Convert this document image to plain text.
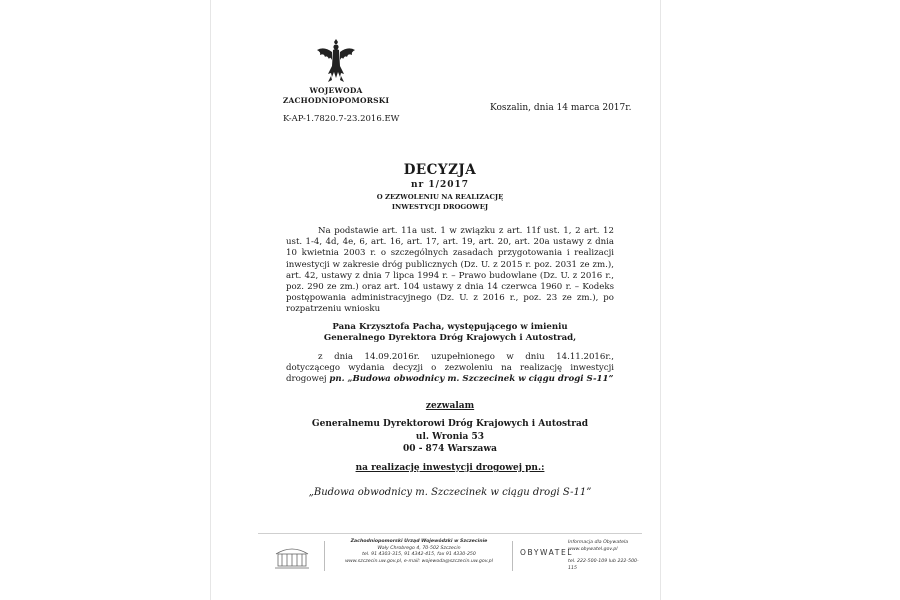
WOJEWODA
ZACHODNIOPOMORSKI
Koszalin, dnia 14 marca 2017r.
K-AP-1.7820.7-23.2016.EW
DECYZJA
nr 1/2017
O ZEZWOLENIU NA REALIZACJĘ
INWESTYCJI DROGOWEJ
Na podstawie art. 11a ust. 1 w związku z art. 11f ust. 1, 2 art. 12 ust. 1-4, 4d, 4e, 6, art. 16, art. 17, art. 19, art. 20, art. 20a ustawy z dnia 10 kwietnia 2003 r. o szczególnych zasadach przygotowania i realizacji inwestycji w zakresie dróg publicznych (Dz. U. z 2015 r. poz. 2031 ze zm.), art. 42, ustawy z dnia 7 lipca 1994 r. – Prawo budowlane (Dz. U. z 2016 r., poz. 290 ze zm.) oraz art. 104 ustawy z dnia 14 czerwca 1960 r. – Kodeks postępowania administracyjnego (Dz. U. z 2016 r., poz. 23 ze zm.), po rozpatrzeniu wniosku
Pana Krzysztofa Pacha, występującego w imieniu
Generalnego Dyrektora Dróg Krajowych i Autostrad,
z dnia 14.09.2016r. uzupełnionego w dniu 14.11.2016r., dotyczącego wydania decyzji o zezwoleniu na realizację inwestycji drogowej pn. „Budowa obwodnicy m. Szczecinek w ciągu drogi S-11”
zezwalam
Generalnemu Dyrektorowi Dróg Krajowych i Autostrad
ul. Wronia 53
00 - 874 Warszawa
na realizację inwestycji drogowej pn.:
„Budowa obwodnicy m. Szczecinek w ciągu drogi S-11”
Zachodniopomorski Urząd Wojewódzki w Szczecinie
Wały Chrobrego 4, 70-502 Szczecin
tel. 91 4303-315, 91 4342-415, fax 91 4330-250
www.szczecin.uw.gov.pl, e-mail: wojewoda@szczecin.uw.gov.pl
OBYWATEL
Informacja dla Obywatela
www.obywatel.gov.pl
tel. 222-500-109 lub 222-500-115
